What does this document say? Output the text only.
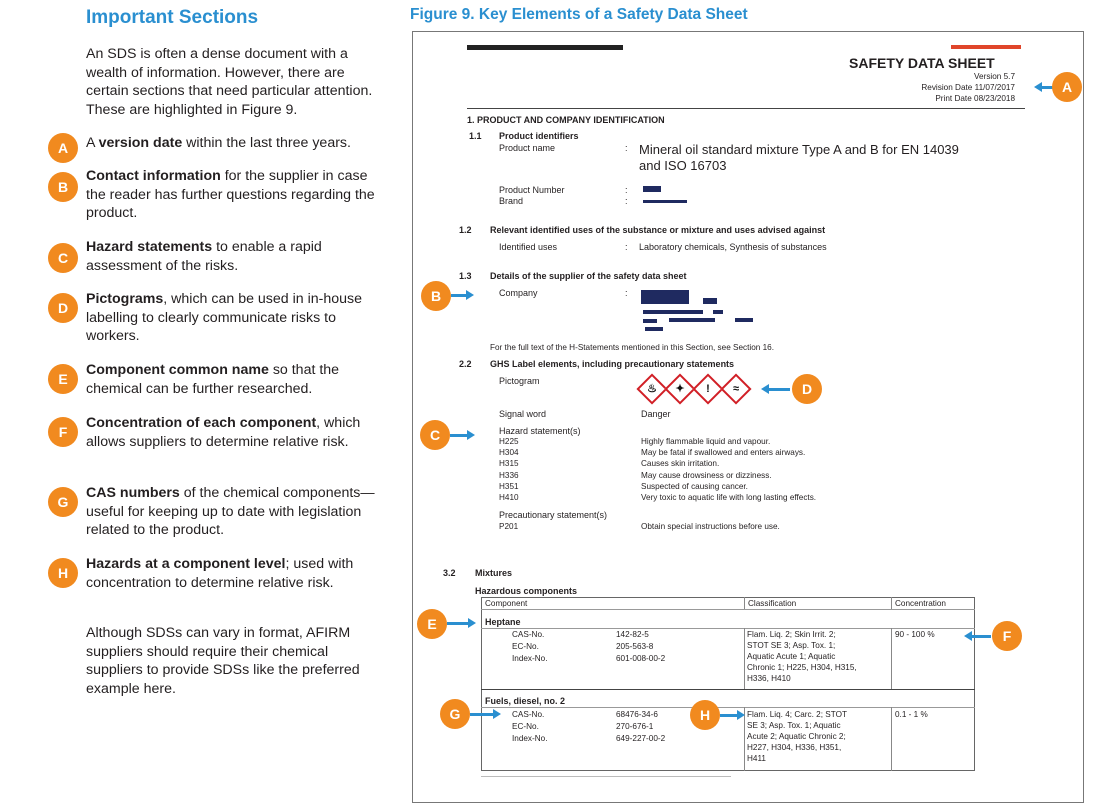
Important Sections
An SDS is often a dense document with a wealth of information. However, there are certain sections that need particular attention. These are highlighted in Figure 9.
A	A version date within the last three years.
B
Contact information for the supplier in case the reader has further questions regarding the product.
C
Hazard statements to enable a rapid assessment of the risks.
D
Pictograms, which can be used in in-house labelling to clearly communicate risks to workers.
E
Component common name so that the chemical can be further researched.
F
Concentration of each component, which allows suppliers to determine relative risk.
G
CAS numbers of the chemical components—useful for keeping up to date with legislation related to the product.
H
Hazards at a component level; used with concentration to determine relative risk.
Although SDSs can vary in format, AFIRM suppliers should require their chemical suppliers to provide SDSs like the preferred example here.
Figure 9. Key Elements of a Safety Data Sheet
SAFETY DATA SHEET
Version 5.7
Revision Date 11/07/2017
Print Date 08/23/2018
1. PRODUCT AND COMPANY IDENTIFICATION
1.1 Product identifiers
Product name	: Mineral oil standard mixture Type A and B for EN 14039 and ISO 16703
Product Number	:
Brand	:
1.2 Relevant identified uses of the substance or mixture and uses advised against
Identified uses	: Laboratory chemicals, Synthesis of substances
1.3 Details of the supplier of the safety data sheet
Company	:
For the full text of the H-Statements mentioned in this Section, see Section 16.
2.2 GHS Label elements, including precautionary statements
Pictogram
♨	✦	!	≈
Signal word	Danger
Hazard statement(s)
H225	Highly flammable liquid and vapour.
H304	May be fatal if swallowed and enters airways.
H315	Causes skin irritation.
H336	May cause drowsiness or dizziness.
H351	Suspected of causing cancer.
H410	Very toxic to aquatic life with long lasting effects.
Precautionary statement(s)
P201	Obtain special instructions before use.
3.2 Mixtures
Hazardous components
Component	Classification	Concentration
Heptane
CAS-No.	142-82-5
EC-No.	205-563-8
Index-No.	601-008-00-2
Flam. Liq. 2; Skin Irrit. 2;
STOT SE 3; Asp. Tox. 1;
Aquatic Acute 1; Aquatic
Chronic 1; H225, H304, H315,
H336, H410
90 - 100 %
Fuels, diesel, no. 2
CAS-No.	68476-34-6
EC-No.	270-676-1
Index-No.	649-227-00-2
Flam. Liq. 4; Carc. 2; STOT
SE 3; Asp. Tox. 1; Aquatic
Acute 2; Aquatic Chronic 2;
H227, H304, H336, H351,
H411
0.1 - 1 %
A
B
D
C
E
F
G	H
